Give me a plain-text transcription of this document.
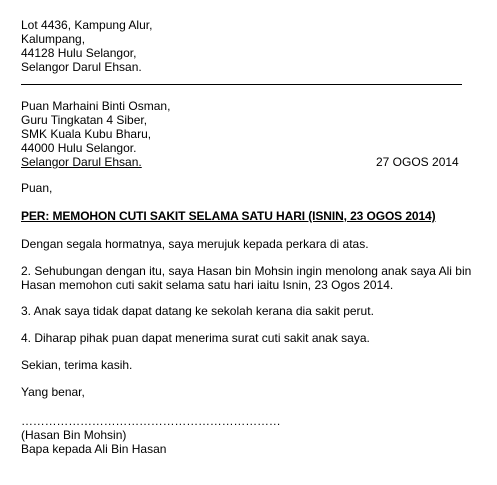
Lot 4436, Kampung Alur,
Kalumpang,
44128 Hulu Selangor,
Selangor Darul Ehsan.
Puan Marhaini Binti Osman,
Guru Tingkatan 4 Siber,
SMK Kuala Kubu Bharu,
44000 Hulu Selangor.
Selangor Darul Ehsan.	27 OGOS 2014
Puan,
PER: MEMOHON CUTI SAKIT SELAMA SATU HARI (ISNIN, 23 OGOS 2014)
Dengan segala hormatnya, saya merujuk kepada perkara di atas.
2. Sehubungan dengan itu, saya Hasan bin Mohsin ingin menolong anak saya Ali bin
Hasan memohon cuti sakit selama satu hari iaitu Isnin, 23 Ogos 2014.
3. Anak saya tidak dapat datang ke sekolah kerana dia sakit perut.
4. Diharap pihak puan dapat menerima surat cuti sakit anak saya.
Sekian, terima kasih.
Yang benar,
…………………………………………………………
(Hasan Bin Mohsin)
Bapa kepada Ali Bin Hasan
